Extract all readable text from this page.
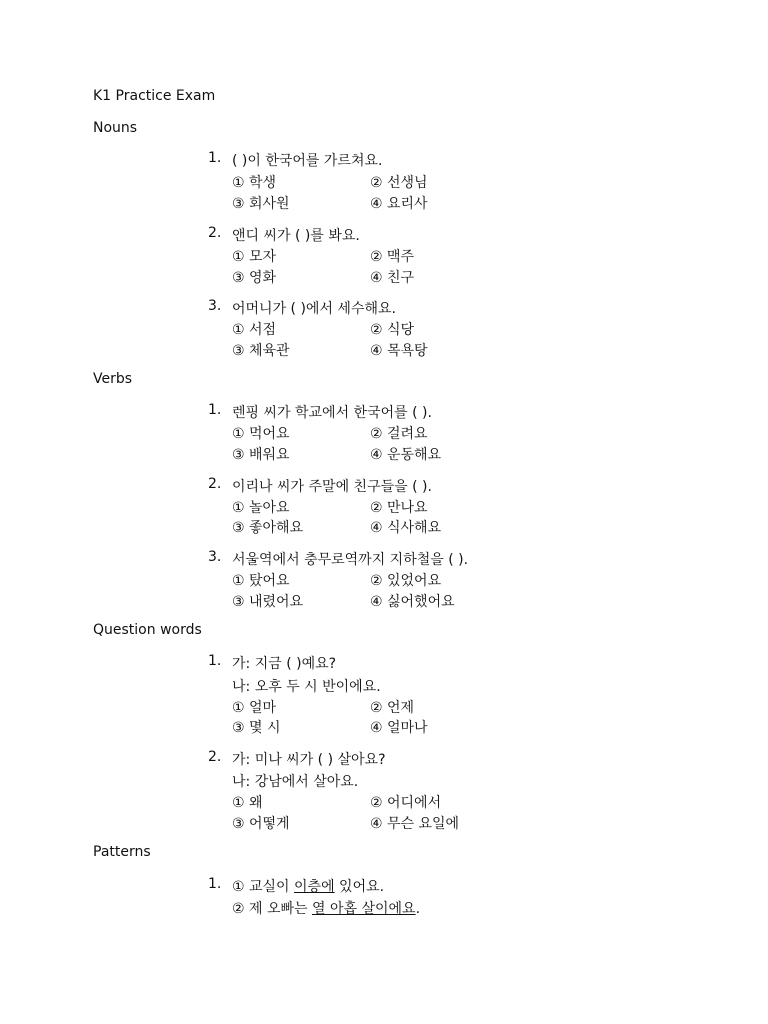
K1 Practice Exam
Nouns
1. ( )이 한국어를 가르쳐요.
① 학생	② 선생님
③ 회사원	④ 요리사
2. 앤디 씨가 ( )를 봐요.
① 모자	② 맥주
③ 영화	④ 친구
3. 어머니가 ( )에서 세수해요.
① 서점	② 식당
③ 체육관	④ 목욕탕
Verbs
1. 렌핑 씨가 학교에서 한국어를 ( ).
① 먹어요	② 걸려요
③ 배워요	④ 운동해요
2. 이리나 씨가 주말에 친구들을 ( ).
① 놀아요	② 만나요
③ 좋아해요	④ 식사해요
3. 서울역에서 충무로역까지 지하철을 ( ).
① 탔어요	② 있었어요
③ 내렸어요	④ 싫어했어요
Question words
1. 가: 지금 ( )예요?
나: 오후 두 시 반이에요.
① 얼마	② 언제
③ 몇 시	④ 얼마나
2. 가: 미나 씨가 ( ) 살아요?
나: 강남에서 살아요.
① 왜	② 어디에서
③ 어떻게	④ 무슨 요일에
Patterns
1. ① 교실이 이층에 있어요.
② 제 오빠는 열 아홉 살이에요.
